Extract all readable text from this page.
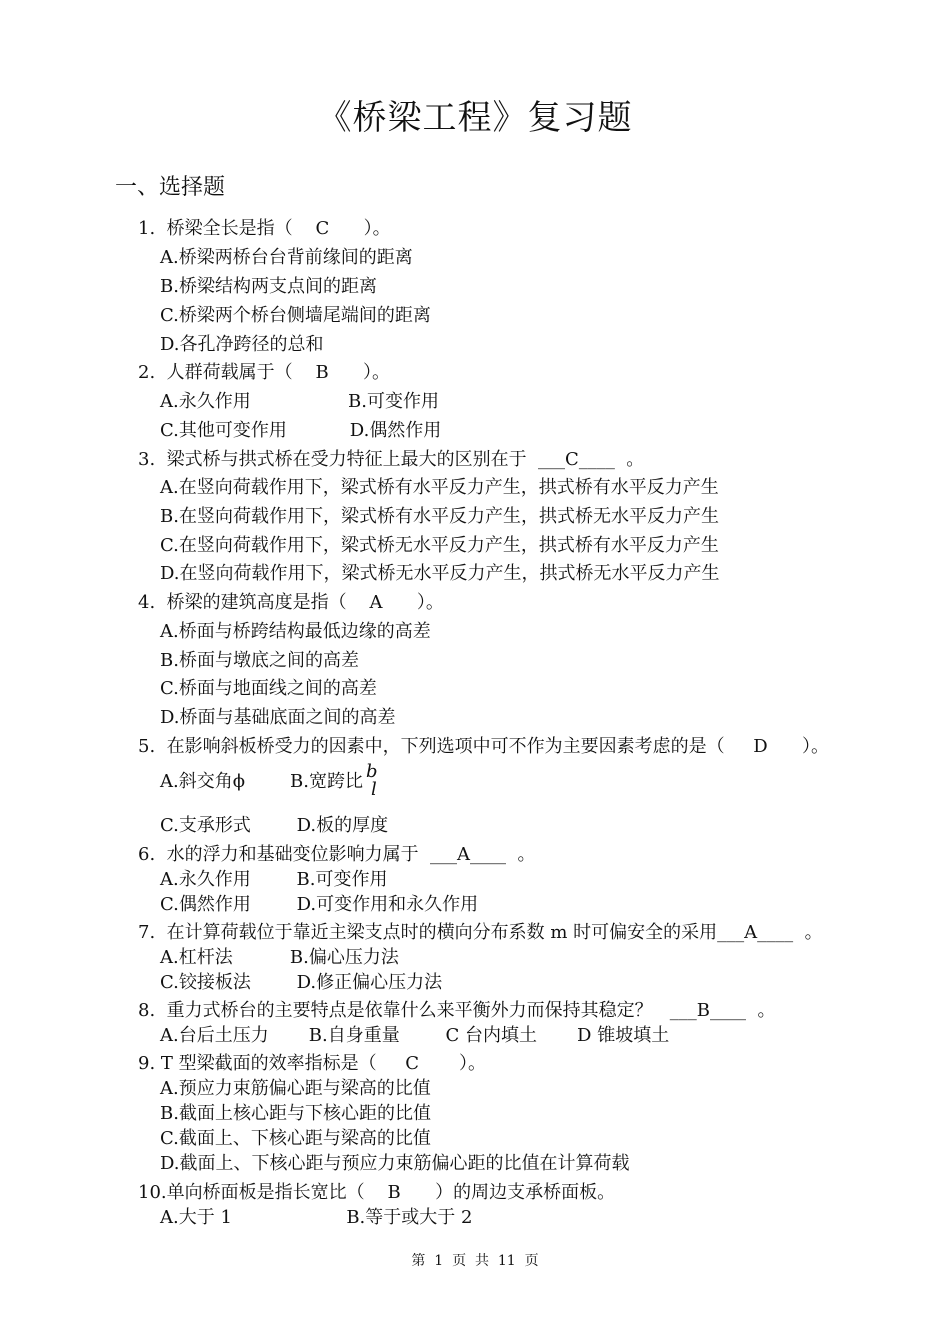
《桥梁工程》复习题
一、选择题
1.  桥梁全长是指（    C      ）。
A.桥梁两桥台台背前缘间的距离
B.桥梁结构两支点间的距离
C.桥梁两个桥台侧墙尾端间的距离
D.各孔净跨径的总和
2.  人群荷载属于（    B      ）。
A.永久作用                 B.可变作用
C.其他可变作用           D.偶然作用
3.  梁式桥与拱式桥在受力特征上最大的区别在于  ___C____  。
A.在竖向荷载作用下，梁式桥有水平反力产生，拱式桥有水平反力产生
B.在竖向荷载作用下，梁式桥有水平反力产生，拱式桥无水平反力产生
C.在竖向荷载作用下，梁式桥无水平反力产生，拱式桥有水平反力产生
D.在竖向荷载作用下，梁式桥无水平反力产生，拱式桥无水平反力产生
4.  桥梁的建筑高度是指（    A      ）。
A.桥面与桥跨结构最低边缘的高差
B.桥面与墩底之间的高差
C.桥面与地面线之间的高差
D.桥面与基础底面之间的高差
5.  在影响斜板桥受力的因素中，下列选项中可不作为主要因素考虑的是（     D      ）。
A.斜交角ϕ	B.宽跨比 b
l
C.支承形式        D.板的厚度
6.  水的浮力和基础变位影响力属于  ___A____  。
A.永久作用        B.可变作用
C.偶然作用        D.可变作用和永久作用
7.  在计算荷载位于靠近主梁支点时的横向分布系数 m 时可偏安全的采用___A____  。
A.杠杆法          B.偏心压力法
C.铰接板法        D.修正偏心压力法
8.  重力式桥台的主要特点是依靠什么来平衡外力而保持其稳定？   ___B____  。
A.台后土压力       B.自身重量        C 台内填土       D 锥坡填土
9. T 型梁截面的效率指标是（     C       ）。
A.预应力束筋偏心距与梁高的比值
B.截面上核心距与下核心距的比值
C.截面上、下核心距与梁高的比值
D.截面上、下核心距与预应力束筋偏心距的比值在计算荷载
10.单向桥面板是指长宽比（    B      ）的周边支承桥面板。
A.大于 1                    B.等于或大于 2
第  1  页  共  11  页
